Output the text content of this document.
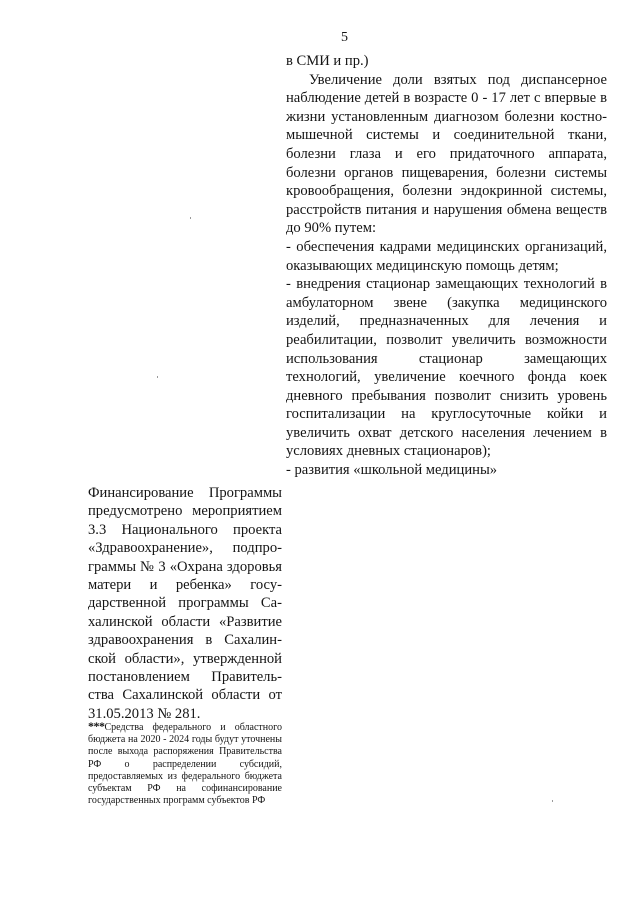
5

в СМИ и пр.)

Увеличение доли взятых под диспансерное наблюдение детей в возрасте 0 - 17 лет с впервые в жизни установленным диагнозом болезни костно-мышечной системы и соединительной ткани, болезни глаза и его придаточного аппарата, болезни органов пищеварения, болезни системы кровообращения, болезни эндокринной системы, расстройств питания и нарушения обмена веществ до 90% путем:

- обеспечения кадрами медицинских организаций, оказывающих медицинскую помощь детям;

- внедрения стационар замещающих технологий в амбулаторном звене (закупка медицинского изделий, предназначенных для лечения и реабилитации, позволит увеличить возможности использования стационар замещающих технологий, увеличение коечного фонда коек дневного пребывания позволит снизить уровень госпитализации на круглосуточные койки и увеличить охват детского населения лечением в условиях дневных стационаров);

- развития «школьной медицины»

Финансирование Программы предусмотрено мероприятием 3.3 Национального проекта «Здравоохранение», подпрограммы № 3 «Охрана здоровья матери и ребенка» государственной программы Сахалинской области «Развитие здравоохранения в Сахалинской области», утвержденной постановлением Правительства Сахалинской области от 31.05.2013 № 281.

***Средства федерального и областного бюджета на 2020 - 2024 годы будут уточнены после выхода распоряжения Правительства РФ о распределении субсидий, предоставляемых из федерального бюджета субъектам РФ на софинансирование государственных программ субъектов РФ
